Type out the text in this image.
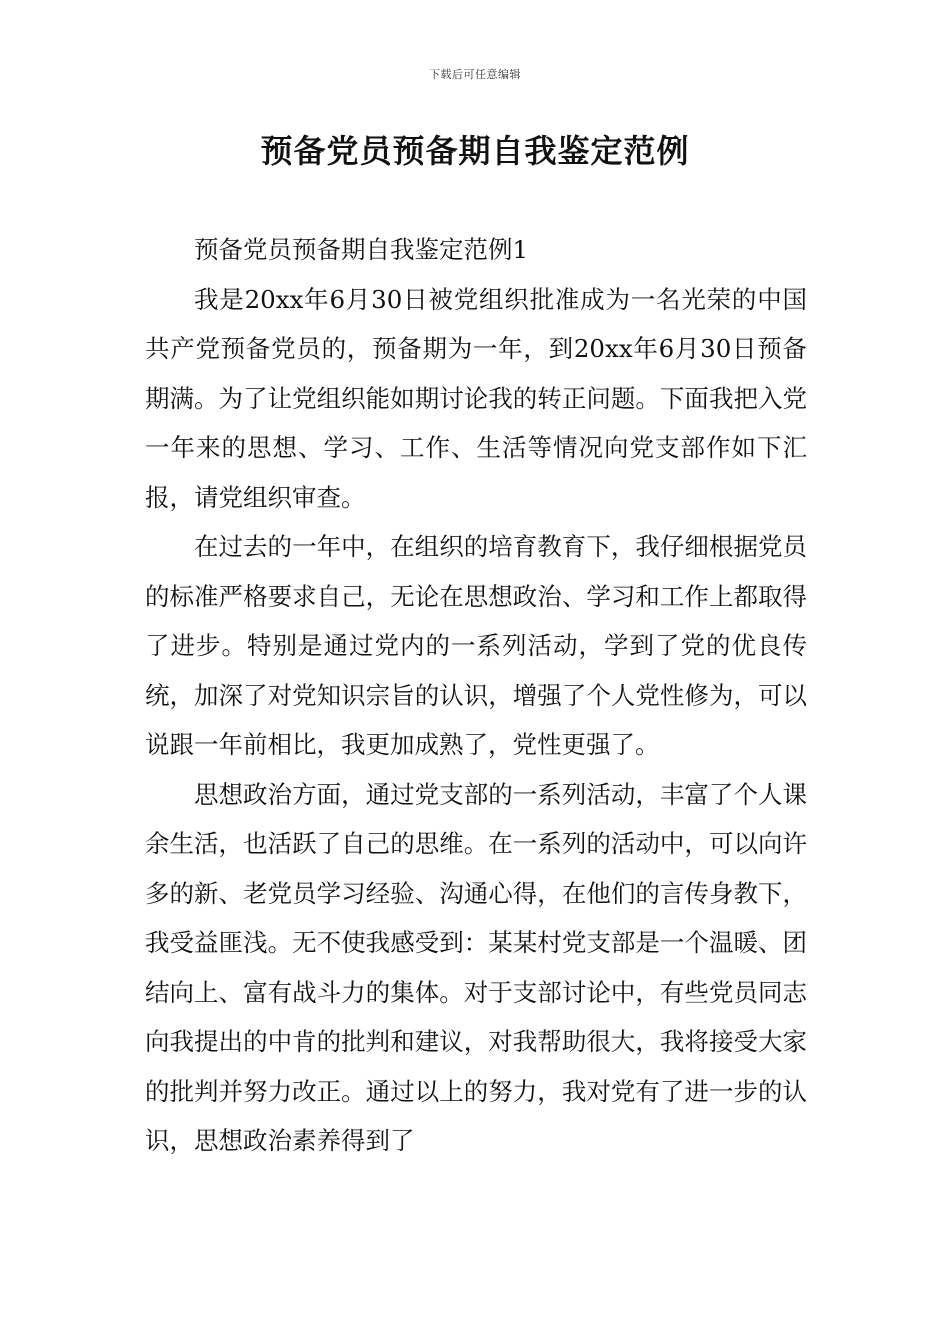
下载后可任意编辑
预备党员预备期自我鉴定范例

预备党员预备期自我鉴定范例1

我是20xx年6月30日被党组织批准成为一名光荣的中国共产党预备党员的，预备期为一年，到20xx年6月30日预备期满。为了让党组织能如期讨论我的转正问题。下面我把入党一年来的思想、学习、工作、生活等情况向党支部作如下汇报，请党组织审查。

在过去的一年中，在组织的培育教育下，我仔细根据党员的标准严格要求自己，无论在思想政治、学习和工作上都取得了进步。特别是通过党内的一系列活动，学到了党的优良传统，加深了对党知识宗旨的认识，增强了个人党性修为，可以说跟一年前相比，我更加成熟了，党性更强了。

思想政治方面，通过党支部的一系列活动，丰富了个人课余生活，也活跃了自己的思维。在一系列的活动中，可以向许多的新、老党员学习经验、沟通心得，在他们的言传身教下，我受益匪浅。无不使我感受到：某某村党支部是一个温暖、团结向上、富有战斗力的集体。对于支部讨论中，有些党员同志向我提出的中肯的批判和建议，对我帮助很大，我将接受大家的批判并努力改正。通过以上的努力，我对党有了进一步的认识，思想政治素养得到了
